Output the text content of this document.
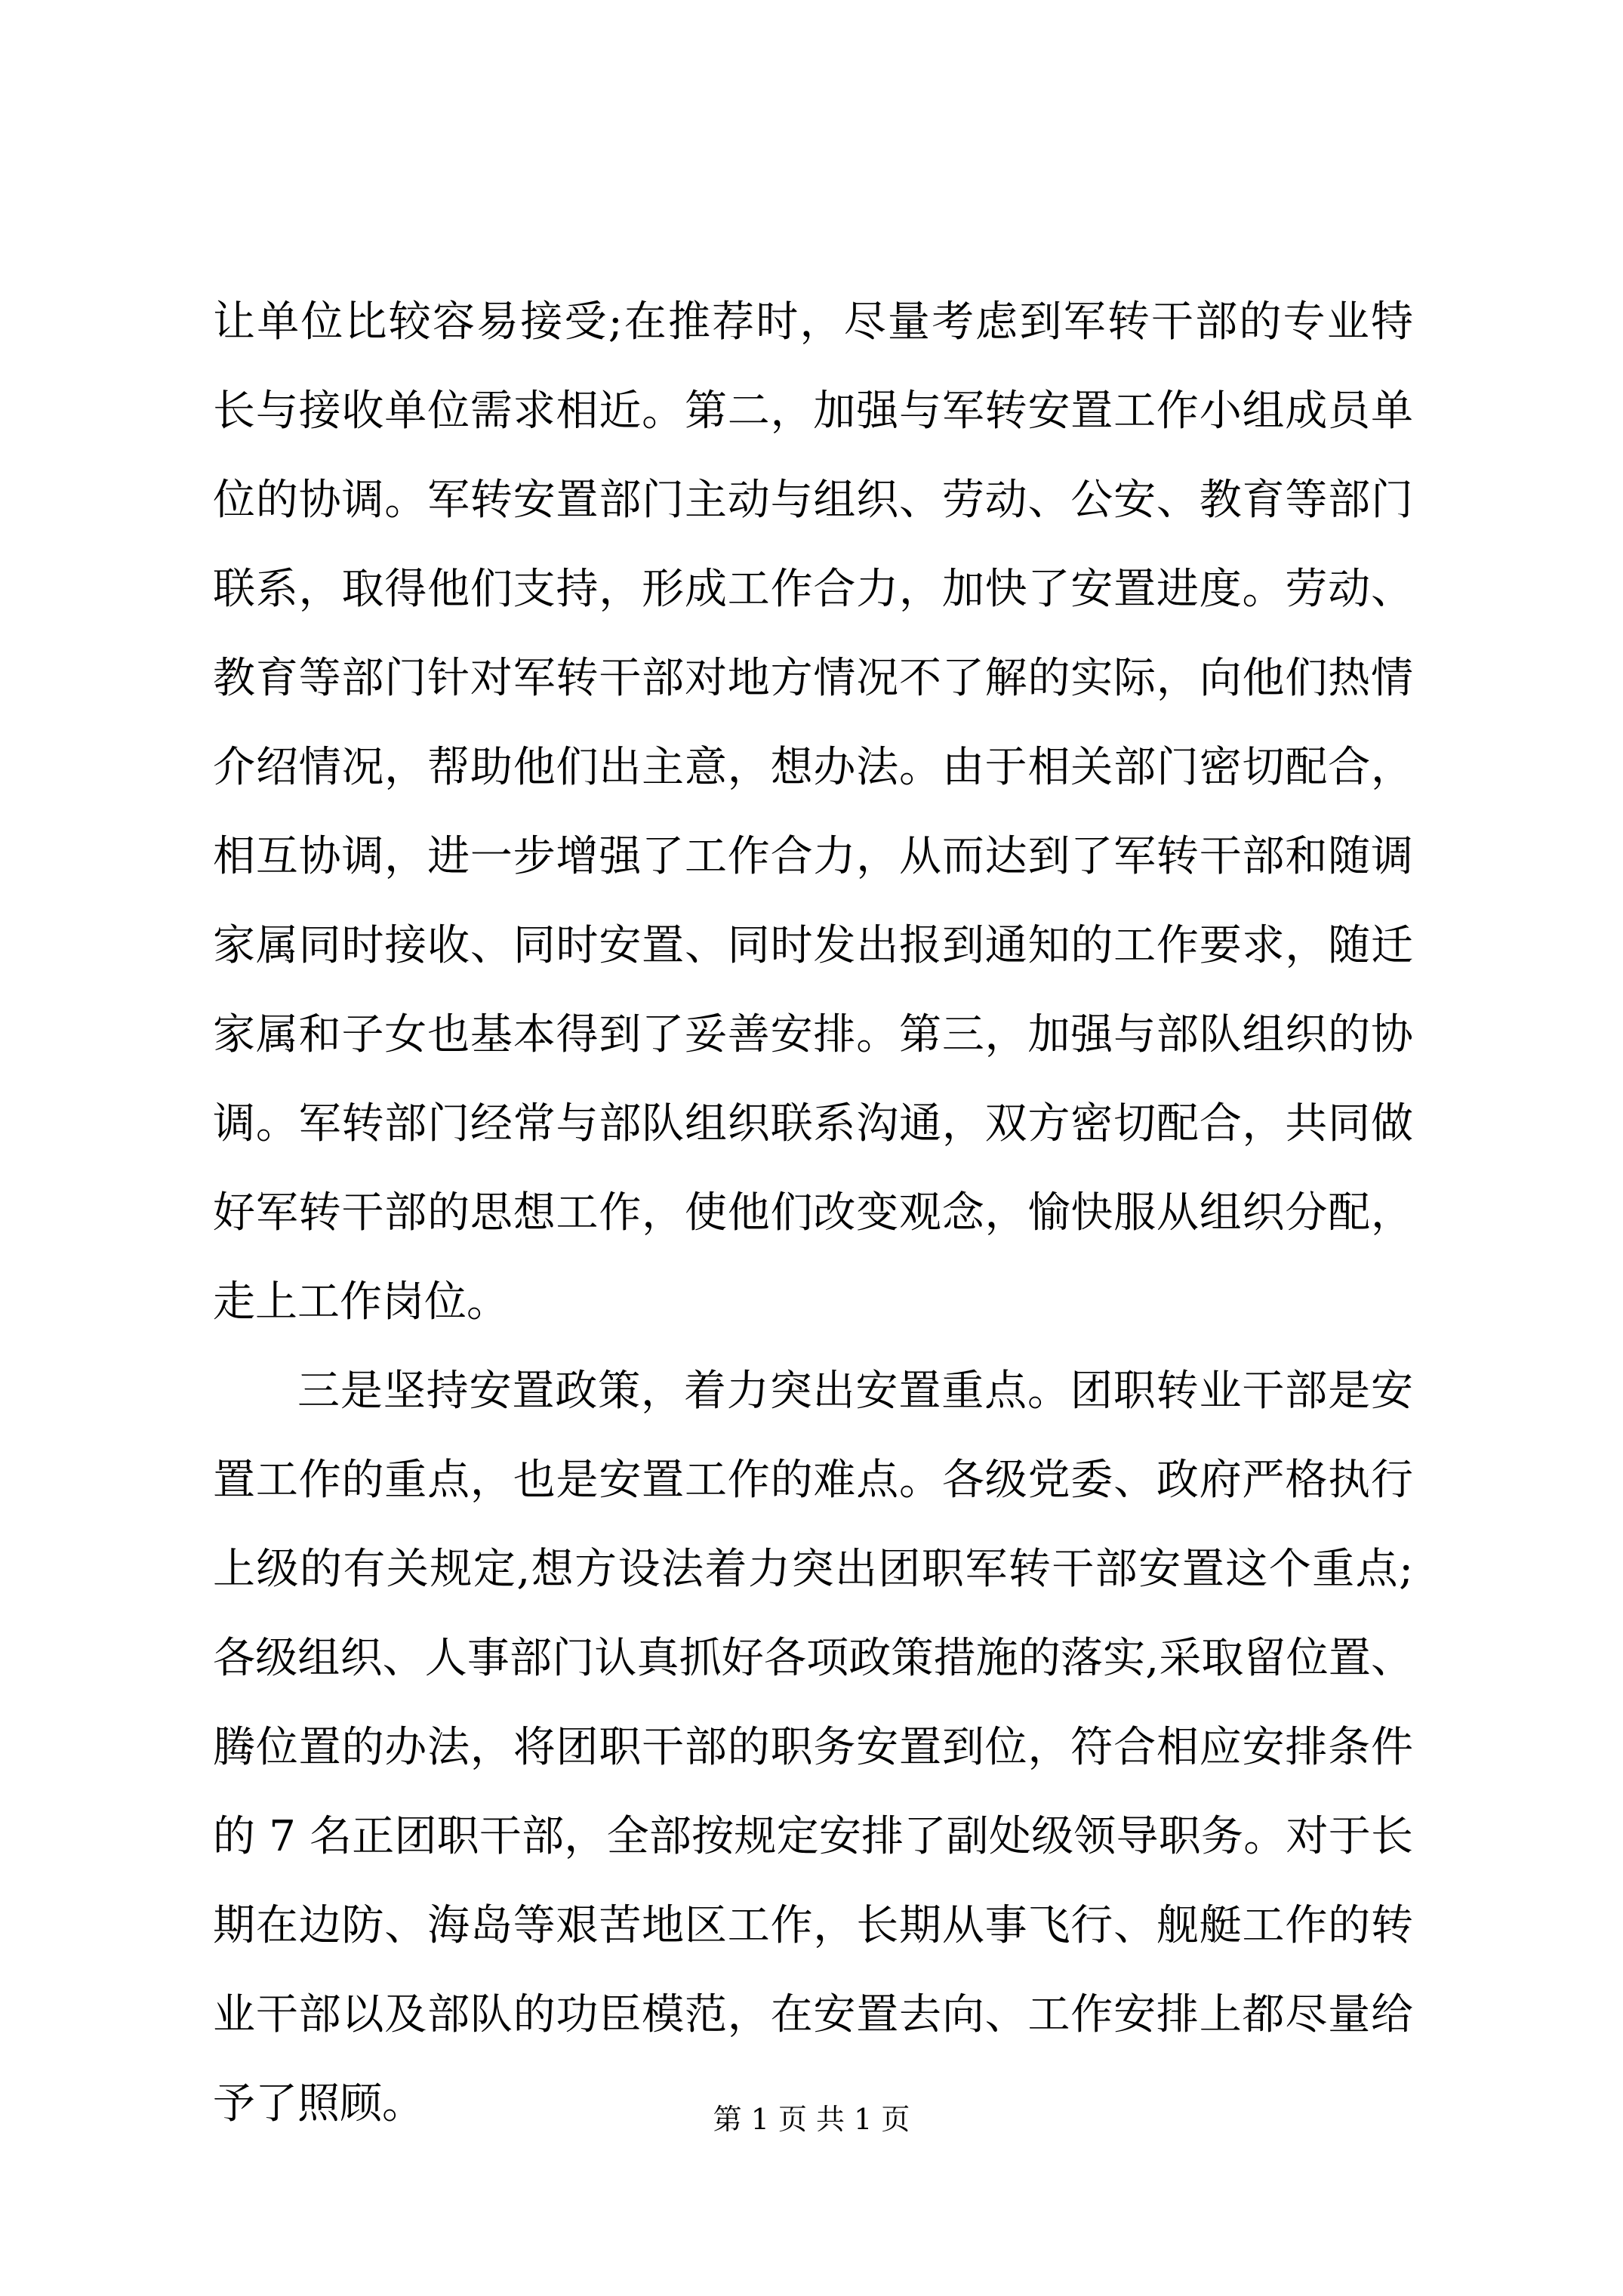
让单位比较容易接受;在推荐时，尽量考虑到军转干部的专业特
长与接收单位需求相近。第二，加强与军转安置工作小组成员单
位的协调。军转安置部门主动与组织、劳动、公安、教育等部门
联系，取得他们支持，形成工作合力，加快了安置进度。劳动、
教育等部门针对军转干部对地方情况不了解的实际，向他们热情
介绍情况，帮助他们出主意，想办法。由于相关部门密切配合，
相互协调，进一步增强了工作合力，从而达到了军转干部和随调
家属同时接收、同时安置、同时发出报到通知的工作要求，随迁
家属和子女也基本得到了妥善安排。第三，加强与部队组织的协
调。军转部门经常与部队组织联系沟通，双方密切配合，共同做
好军转干部的思想工作，使他们改变观念，愉快服从组织分配，
走上工作岗位。
三是坚持安置政策，着力突出安置重点。团职转业干部是安
置工作的重点，也是安置工作的难点。各级党委、政府严格执行
上级的有关规定,想方设法着力突出团职军转干部安置这个重点;
各级组织、人事部门认真抓好各项政策措施的落实,采取留位置、
腾位置的办法，将团职干部的职务安置到位，符合相应安排条件
的 7 名正团职干部，全部按规定安排了副处级领导职务。对于长
期在边防、海岛等艰苦地区工作，长期从事飞行、舰艇工作的转
业干部以及部队的功臣模范，在安置去向、工作安排上都尽量给
予了照顾。	第 1 页 共 1 页
